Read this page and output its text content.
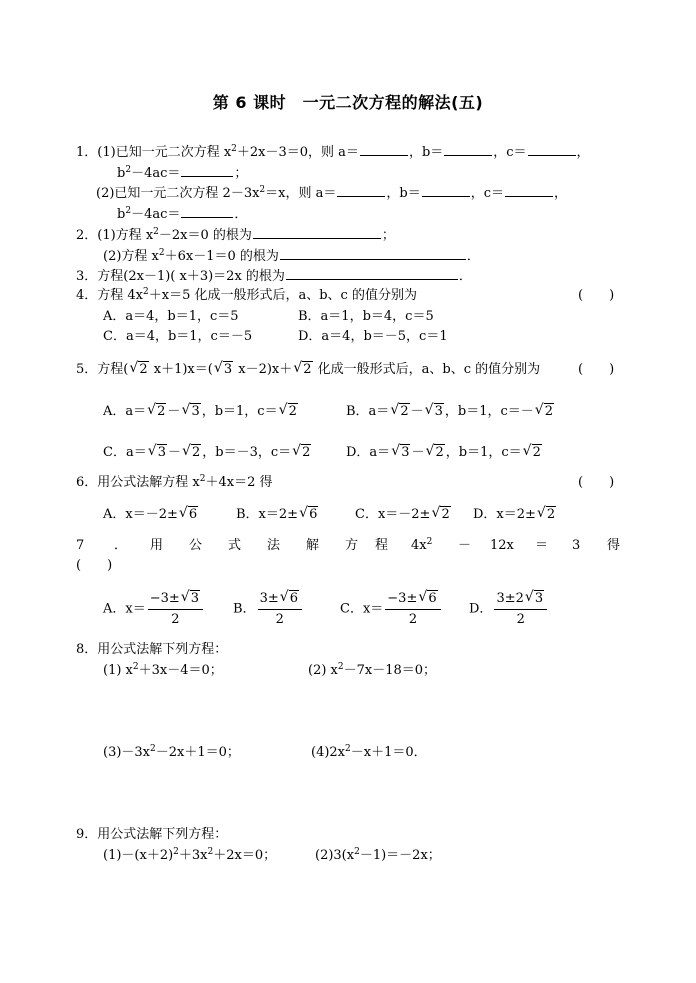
第 6 课时　一元二次方程的解法(五)
1．(1)已知一元二次方程 $x^2+2x-3=0$，则 a＝	，b＝	，c＝	，
$b^2-4ac=$	；
(2)已知一元二次方程 $2-3x^2=x$，则 a＝	，b＝	，c＝	，
$b^2-4ac=$	．
2．(1)方程 $x^2-2x=0$ 的根为	；
(2)方程 $x^2+6x-1=0$ 的根为	．
3．方程(2x－1)( x＋3)＝2x 的根为	．
4．方程 $4x^2+x=5$ 化成一般形式后，a、b、c 的值分别为	(　　)
A．a＝4，b＝1，c＝5	B．a＝1，b＝4，c＝5
C．a＝4，b＝1，c＝－5	D．a＝4，b＝－5，c＝1
5．方程( √ 2 x＋1)x＝( √ 3 x－2)x＋ √ 2 化成一般形式后，a、b、c 的值分别为	(　　)
A．a＝ √ 2 － √ 3 ，b＝1，c＝ √ 2	B．a＝ √ 2 － √ 3 ，b＝1，c＝－ √ 2
C．a＝ √ 3 － √ 2 ，b＝－3，c＝ √ 2	D．a＝ √ 3 － √ 2 ，b＝1，c＝ √ 2
6．用公式法解方程 $x^2+4x=2$ 得	(　　)
A．x＝－2± √ 6	B．x＝2± √ 6	C．x＝－2± √ 2 D．x＝2± √ 2
7 ． 用 公 式 法 解 方 程 $4x^2 - 12x = 3$ 得
(　　)
A．$x= \frac{-3\pm √ 3}{2}$ B． $\frac{3\pm √ 6}{2}$	C．$x= \frac{-3\pm √ 6}{2}$ D． $\frac{3\pm 2 √ 3}{2}$
8．用公式法解下列方程：
(1) $x^2+3x-4=0$；	(2) $x^2-7x-18=0$；
$(3)-3x^2-2x+1=0$；	$(4)2x^2-x+1=0$．
9．用公式法解下列方程：
$(1)-(x+2)^2+3x^2+2x=0$；	$(2)3(x^2-1)=-2x$；
